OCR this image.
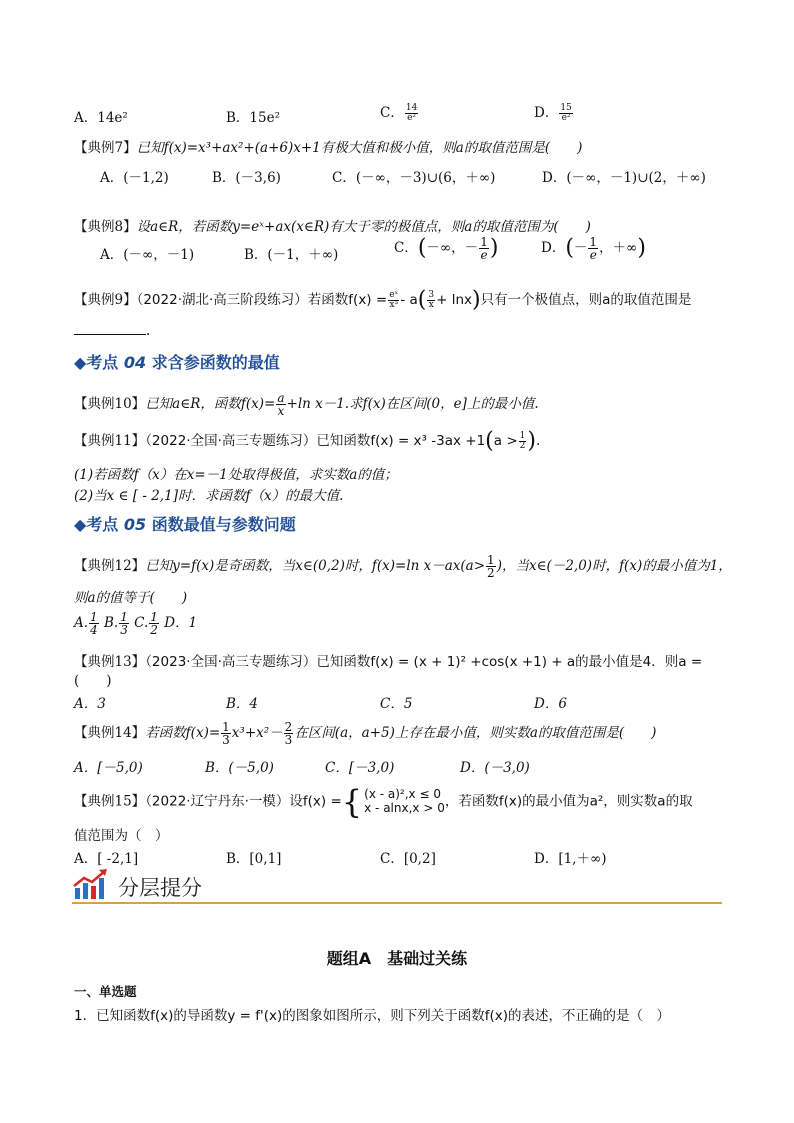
A．14e²	B．15e²	C． $\frac{14}{\text{e²}}$	D． $\frac{15}{\text{e²}}$
【典例7】已知f(x)=x³+ax²+(a+6)x+1有极大值和极小值，则a的取值范围是(　　)
A．(－1,2)	B．(－3,6)	C．(－∞，－3)∪(6，＋∞)	D．(－∞，－1)∪(2，＋∞)
【典例8】设a∈R，若函数y=eˣ+ax(x∈R)有大于零的极值点，则a的取值范围为(　　)
A．(－∞，－1)	B．(－1，＋∞)	C．(－∞，－ $\frac{1}{e}$ )	D．(－ $\frac{1}{e}$ ，＋∞)
【典例9】（2022·湖北·高三阶段练习）若函数$f(x) = \frac{\text{eˣ}}{\text{x³}} - a( \frac{3}{x} + \ln x)$只有一个极值点，则a的取值范围是
.
◆考点 04 求含参函数的最值
【典例10】已知a∈R，函数$f(x)= \frac{a}{x} +\ln$ x－1.求f(x)在区间(0，e]上的最小值.
【典例11】（2022·全国·高三专题练习）已知函数f(x) = x³ $-3ax +1(a > \frac{1}{2}$ ).
(1)若函数f（x）在x=－1处取得极值，求实数a的值；
(2)当x ∈ [ - 2,1]时．求函数f（x）的最大值.
◆考点 05 函数最值与参数问题
【典例12】已知y=f(x)是奇函数，当x∈(0,2)时，f(x)=ln $x-ax(a> \frac{1}{2}$ )，当x∈(－2,0)时，f(x)的最小值为1，
则a的值等于(　　)
A. $\frac{1}{4} B$. $\frac{1}{3} C$. $\frac{1}{2}$ D．1
【典例13】（2023·全国·高三专题练习）已知函数f(x) = (x + 1)² +cos(x +1) + a的最小值是4．则a =
(　　)
A．3	B．4	C．5	D．6
【典例14】若函数$f(x)= \frac{1}{3} x^3+x^2- \frac{2}{3}$ 在区间(a，a+5)上存在最小值，则实数a的取值范围是(　　)
A．[－5,0)	B．(－5,0)	C．[－3,0)	D．(－3,0)
【典例15】（2022·辽宁丹东·一模）设f(x) = { (x - a)²,x ≤ 0
x - alnx,x > 0 ，若函数f(x)的最小值为a²，则实数a的取
值范围为（　）
A．[ -2,1]	B．[0,1]	C．[0,2]	D．[1,＋∞)
分层提分
题组A　基础过关练
一、单选题
1．已知函数f(x)的导函数y = f'(x)的图象如图所示，则下列关于函数f(x)的表述，不正确的是（　）
